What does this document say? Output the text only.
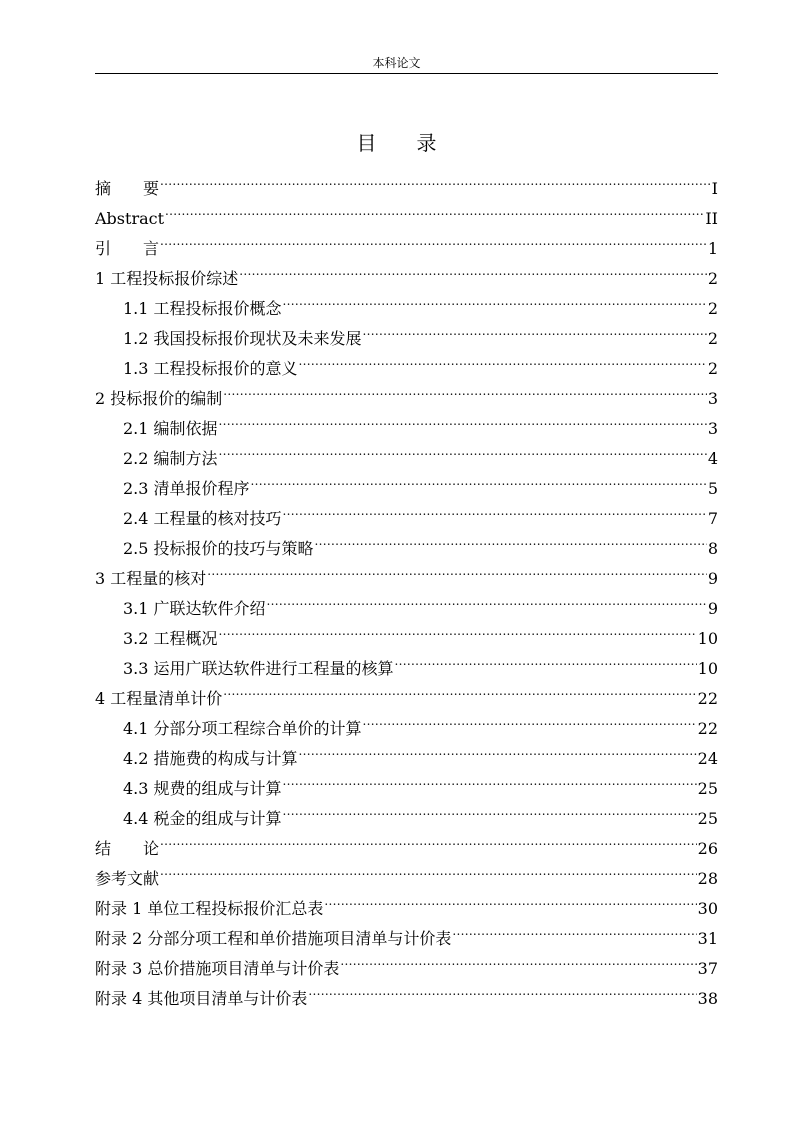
本科论文
目录
摘要 .....	I
Abstract .....	II
引言 .....	1
1 工程投标报价综述 .....	2
1.1 工程投标报价概念 .....	2
1.2 我国投标报价现状及未来发展 .....	2
1.3 工程投标报价的意义 .....	2
2 投标报价的编制 .....	3
2.1 编制依据 .....	3
2.2 编制方法 .....	4
2.3 清单报价程序 .....	5
2.4 工程量的核对技巧 .....	7
2.5 投标报价的技巧与策略 .....	8
3 工程量的核对 .....	9
3.1 广联达软件介绍 .....	9
3.2 工程概况 .....	10
3.3 运用广联达软件进行工程量的核算 .....	10
4 工程量清单计价 .....	22
4.1 分部分项工程综合单价的计算 .....	22
4.2 措施费的构成与计算 .....	24
4.3 规费的组成与计算 .....	25
4.4 税金的组成与计算 .....	25
结论 .....	26
参考文献 .....	28
附录 1 单位工程投标报价汇总表 .....	30
附录 2 分部分项工程和单价措施项目清单与计价表 .....	31
附录 3 总价措施项目清单与计价表 .....	37
附录 4 其他项目清单与计价表 .....	38
